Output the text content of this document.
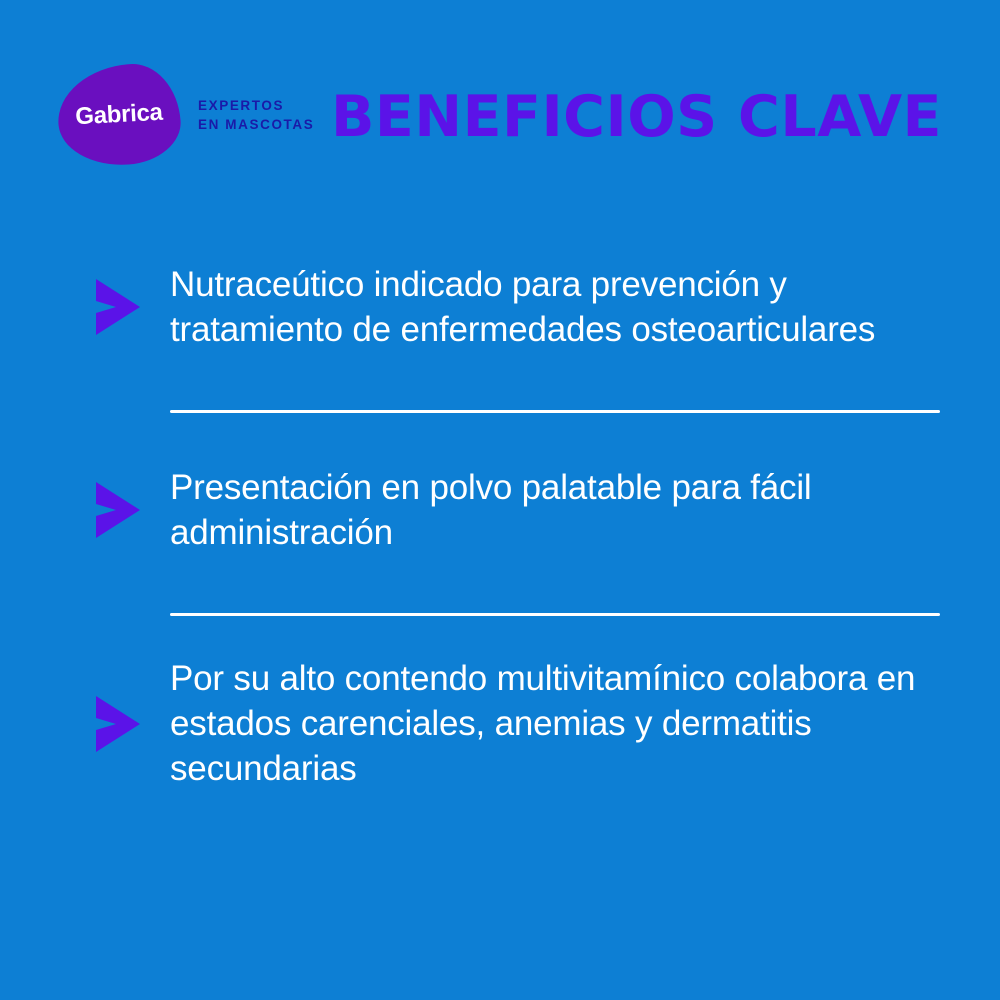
Gabrica	EXPERTOS
EN MASCOTAS BENEFICIOS CLAVE
Nutraceútico indicado para prevención y tratamiento de enfermedades osteoarticulares
Presentación en polvo palatable para fácil administración
Por su alto contendo multivitamínico colabora en estados carenciales, anemias y dermatitis secundarias
